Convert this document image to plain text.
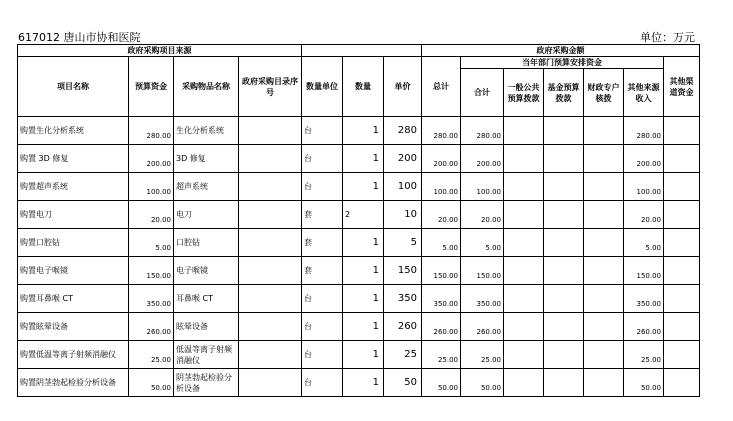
617012 唐山市协和医院	单位：万元
政府采购项目来源							政府采购金额						
项目名称	预算资金	采购物品名称	政府采购目录序号	数量单位	数量	单价	总计	当年部门预算安排资金					其他渠道资金
								合计	一般公共预算拨款	基金预算拨款	财政专户核拨	其他来源收入	
购置生化分析系统	280.00	生化分析系统		台	1	280	280.00	280.00				280.00	
购置 3D 修复	200.00	3D 修复		台	1	200	200.00	200.00				200.00	
购置超声系统	100.00	超声系统		台	1	100	100.00	100.00				100.00	
购置电刀	20.00	电刀		套	2	10	20.00	20.00				20.00	
购置口腔钻	5.00	口腔钻		套	1	5	5.00	5.00				5.00	
购置电子喉镜	150.00	电子喉镜		套	1	150	150.00	150.00				150.00	
购置耳鼻喉 CT	350.00	耳鼻喉 CT		台	1	350	350.00	350.00				350.00	
购置眩晕设备	260.00	眩晕设备		台	1	260	260.00	260.00				260.00	
购置低温等离子射频消融仪	25.00	低温等离子射频消融仪		台	1	25	25.00	25.00				25.00	
购置阴茎勃起检验分析设备	50.00	阴茎勃起检验分析设备		台	1	50	50.00	50.00				50.00	
